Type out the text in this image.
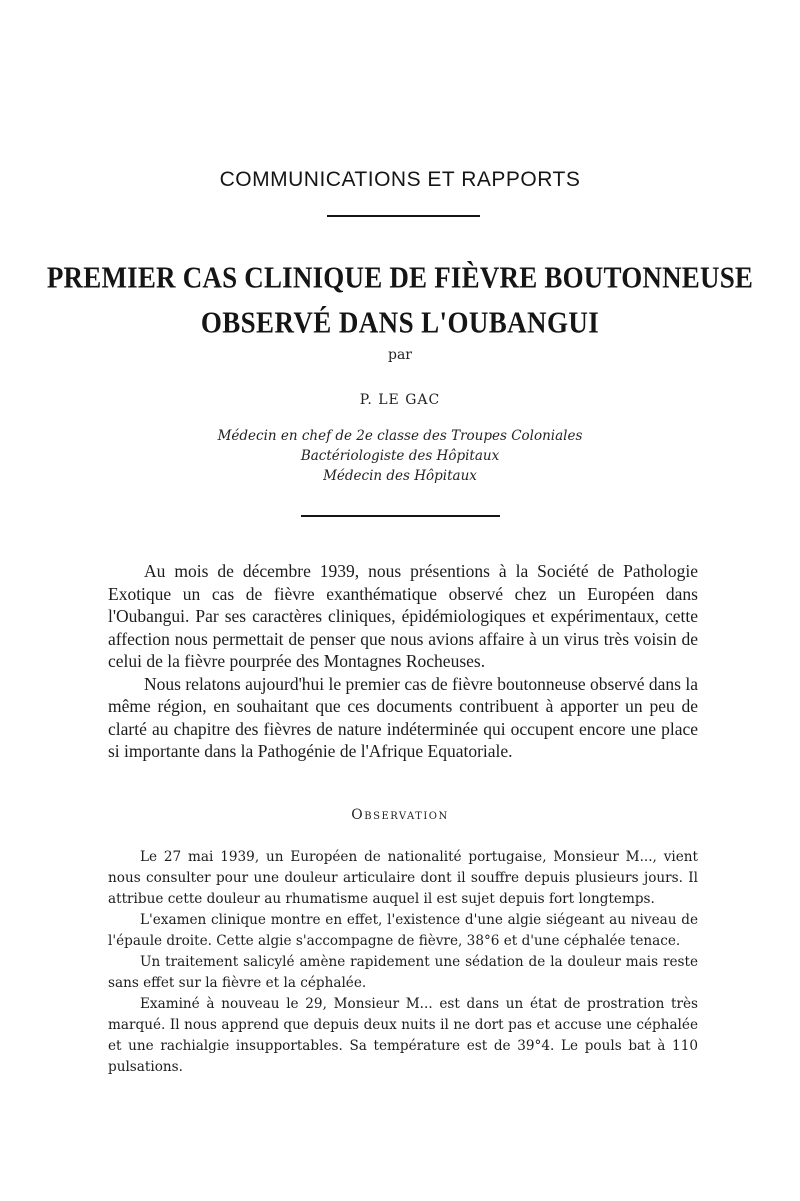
COMMUNICATIONS ET RAPPORTS
PREMIER CAS CLINIQUE DE FIÈVRE BOUTONNEUSE
OBSERVÉ DANS L'OUBANGUI
par
P. LE GAC
Médecin en chef de 2e classe des Troupes Coloniales
Bactériologiste des Hôpitaux
Médecin des Hôpitaux

Au mois de décembre 1939, nous présentions à la Société de Pathologie Exotique un cas de fièvre exanthématique observé chez un Européen dans l'Oubangui. Par ses caractères cliniques, épidémiologiques et expérimentaux, cette affection nous permettait de penser que nous avions affaire à un virus très voisin de celui de la fièvre pourprée des Montagnes Rocheuses.

Nous relatons aujourd'hui le premier cas de fièvre boutonneuse observé dans la même région, en souhaitant que ces documents contribuent à apporter un peu de clarté au chapitre des fièvres de nature indéterminée qui occupent encore une place si importante dans la Pathogénie de l'Afrique Equatoriale.

Observation

Le 27 mai 1939, un Européen de nationalité portugaise, Monsieur M..., vient nous consulter pour une douleur articulaire dont il souffre depuis plusieurs jours. Il attribue cette douleur au rhumatisme auquel il est sujet depuis fort longtemps.

L'examen clinique montre en effet, l'existence d'une algie siégeant au niveau de l'épaule droite. Cette algie s'accompagne de fièvre, 38°6 et d'une céphalée tenace.

Un traitement salicylé amène rapidement une sédation de la douleur mais reste sans effet sur la fièvre et la céphalée.

Examiné à nouveau le 29, Monsieur M... est dans un état de prostration très marqué. Il nous apprend que depuis deux nuits il ne dort pas et accuse une céphalée et une rachialgie insupportables. Sa température est de 39°4. Le pouls bat à 110 pulsations.
